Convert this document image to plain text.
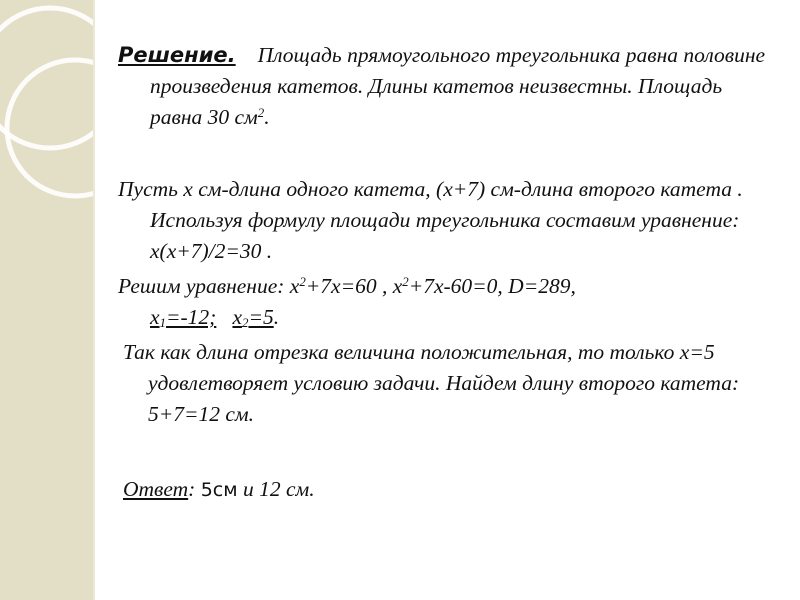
Решение. Площадь прямоугольного треугольника равна половине произведения катетов. Длины катетов неизвестны. Площадь равна 30 $см^2$.

Пусть х см-длина одного катета, (х+7) см-длина второго катета . Используя формулу площади треугольника составим уравнение: х(х+7)/2=30 .

Решим уравнение: $х^2+7х=60$ , $х^2+7х-60=0$, D=289,
$х_1=-12$; $х_2=5$.

Так как длина отрезка величина положительная, то только х=5 удовлетворяет условию задачи. Найдем длину второго катета: 5+7=12 см.

Ответ: 5см и 12 см.
